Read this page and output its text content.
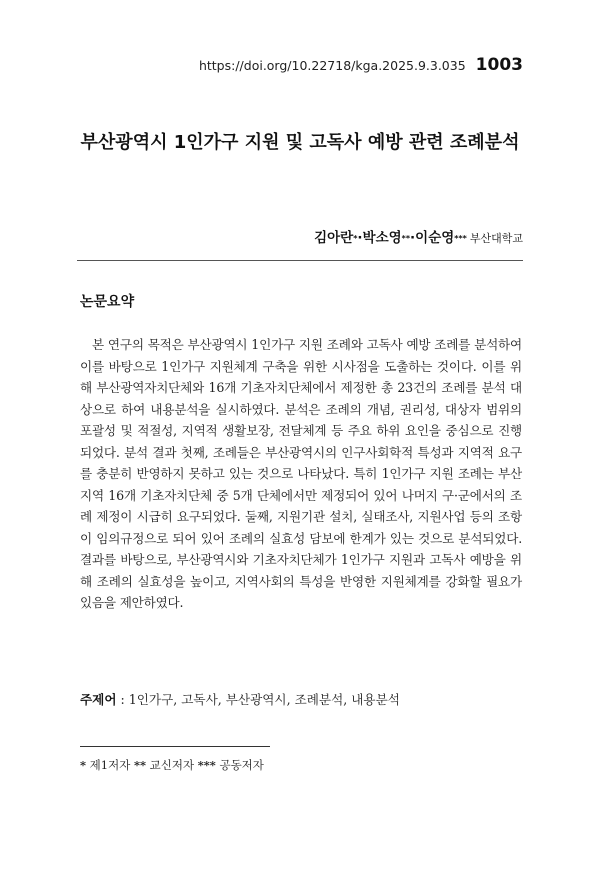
https://doi.org/10.22718/kga.2025.9.3.035 1003
부산광역시 1인가구 지원 및 고독사 예방 관련 조례분석
김아란*·박소영**·이순영*** 부산대학교
논문요약

본 연구의 목적은 부산광역시 1인가구 지원 조례와 고독사 예방 조례를 분석하여 이를 바탕으로 1인가구 지원체계 구축을 위한 시사점을 도출하는 것이다. 이를 위해 부산광역자치단체와 16개 기초자치단체에서 제정한 총 23건의 조례를 분석 대상으로 하여 내용분석을 실시하였다. 분석은 조례의 개념, 권리성, 대상자 범위의 포괄성 및 적절성, 지역적 생활보장, 전달체계 등 주요 하위 요인을 중심으로 진행되었다. 분석 결과 첫째, 조례들은 부산광역시의 인구사회학적 특성과 지역적 요구를 충분히 반영하지 못하고 있는 것으로 나타났다. 특히 1인가구 지원 조례는 부산지역 16개 기초자치단체 중 5개 단체에서만 제정되어 있어 나머지 구·군에서의 조례 제정이 시급히 요구되었다. 둘째, 지원기관 설치, 실태조사, 지원사업 등의 조항이 임의규정으로 되어 있어 조례의 실효성 담보에 한계가 있는 것으로 분석되었다. 결과를 바탕으로, 부산광역시와 기초자치단체가 1인가구 지원과 고독사 예방을 위해 조례의 실효성을 높이고, 지역사회의 특성을 반영한 지원체계를 강화할 필요가 있음을 제안하였다.

주제어 : 1인가구, 고독사, 부산광역시, 조례분석, 내용분석
* 제1저자 ** 교신저자 *** 공동저자
